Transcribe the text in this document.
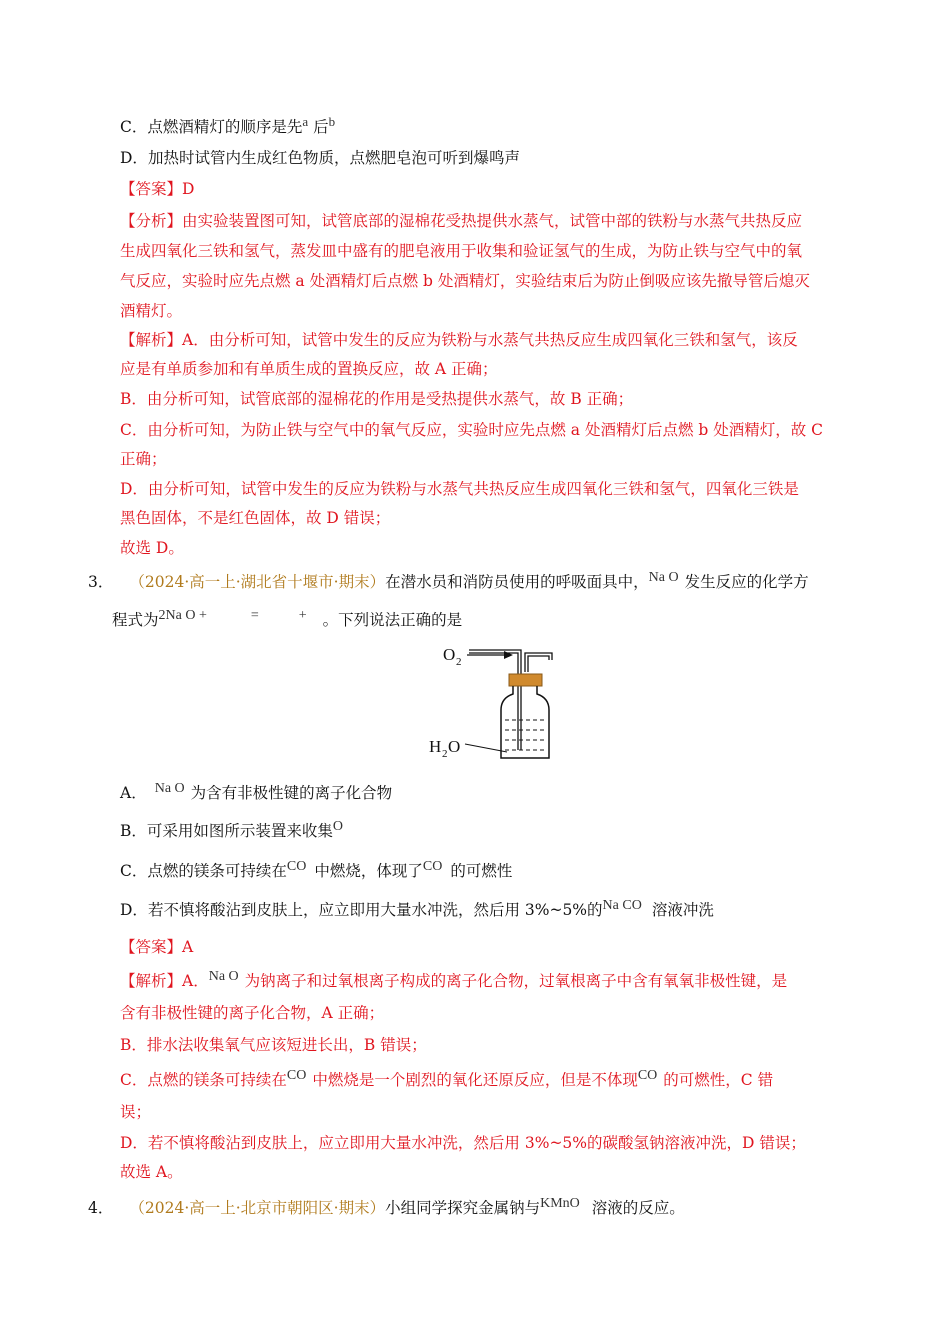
C．点燃酒精灯的顺序是先$^a$ 后$^b$
D．加热时试管内生成红色物质，点燃肥皂泡可听到爆鸣声
【答案】D
【分析】由实验装置图可知，试管底部的湿棉花受热提供水蒸气，试管中部的铁粉与水蒸气共热反应
生成四氧化三铁和氢气，蒸发皿中盛有的肥皂液用于收集和验证氢气的生成，为防止铁与空气中的氧
气反应，实验时应先点燃 a 处酒精灯后点燃 b 处酒精灯，实验结束后为防止倒吸应该先撤导管后熄灭
酒精灯。
【解析】A．由分析可知，试管中发生的反应为铁粉与水蒸气共热反应生成四氧化三铁和氢气，该反
应是有单质参加和有单质生成的置换反应，故 A 正确；
B．由分析可知，试管底部的湿棉花的作用是受热提供水蒸气，故 B 正确；
C．由分析可知，为防止铁与空气中的氧气反应，实验时应先点燃 a 处酒精灯后点燃 b 处酒精灯，故 C
正确；
D．由分析可知，试管中发生的反应为铁粉与水蒸气共热反应生成四氧化三铁和氢气，四氧化三铁是
黑色固体，不是红色固体，故 D 错误；
故选 D。
3． （2024·高一上·湖北省十堰市·期末）在潜水员和消防员使用的呼吸面具中，Na O 发生反应的化学方
程式为2Na O +	=	+ 。下列说法正确的是
O 2
H 2 O
A． Na O 为含有非极性键的离子化合物
B．可采用如图所示装置来收集O
C．点燃的镁条可持续在CO 中燃烧，体现了CO 的可燃性
D．若不慎将酸沾到皮肤上，应立即用大量水冲洗，然后用 3%~5%的Na CO 溶液冲洗
【答案】A
【解析】A．Na O 为钠离子和过氧根离子构成的离子化合物，过氧根离子中含有氧氧非极性键，是
含有非极性键的离子化合物，A 正确；
B．排水法收集氧气应该短进长出，B 错误；
C．点燃的镁条可持续在CO 中燃烧是一个剧烈的氧化还原反应，但是不体现CO 的可燃性，C 错
误；
D．若不慎将酸沾到皮肤上，应立即用大量水冲洗，然后用 3%~5%的碳酸氢钠溶液冲洗，D 错误；
故选 A。
4． （2024·高一上·北京市朝阳区·期末）小组同学探究金属钠与KMnO 溶液的反应。
